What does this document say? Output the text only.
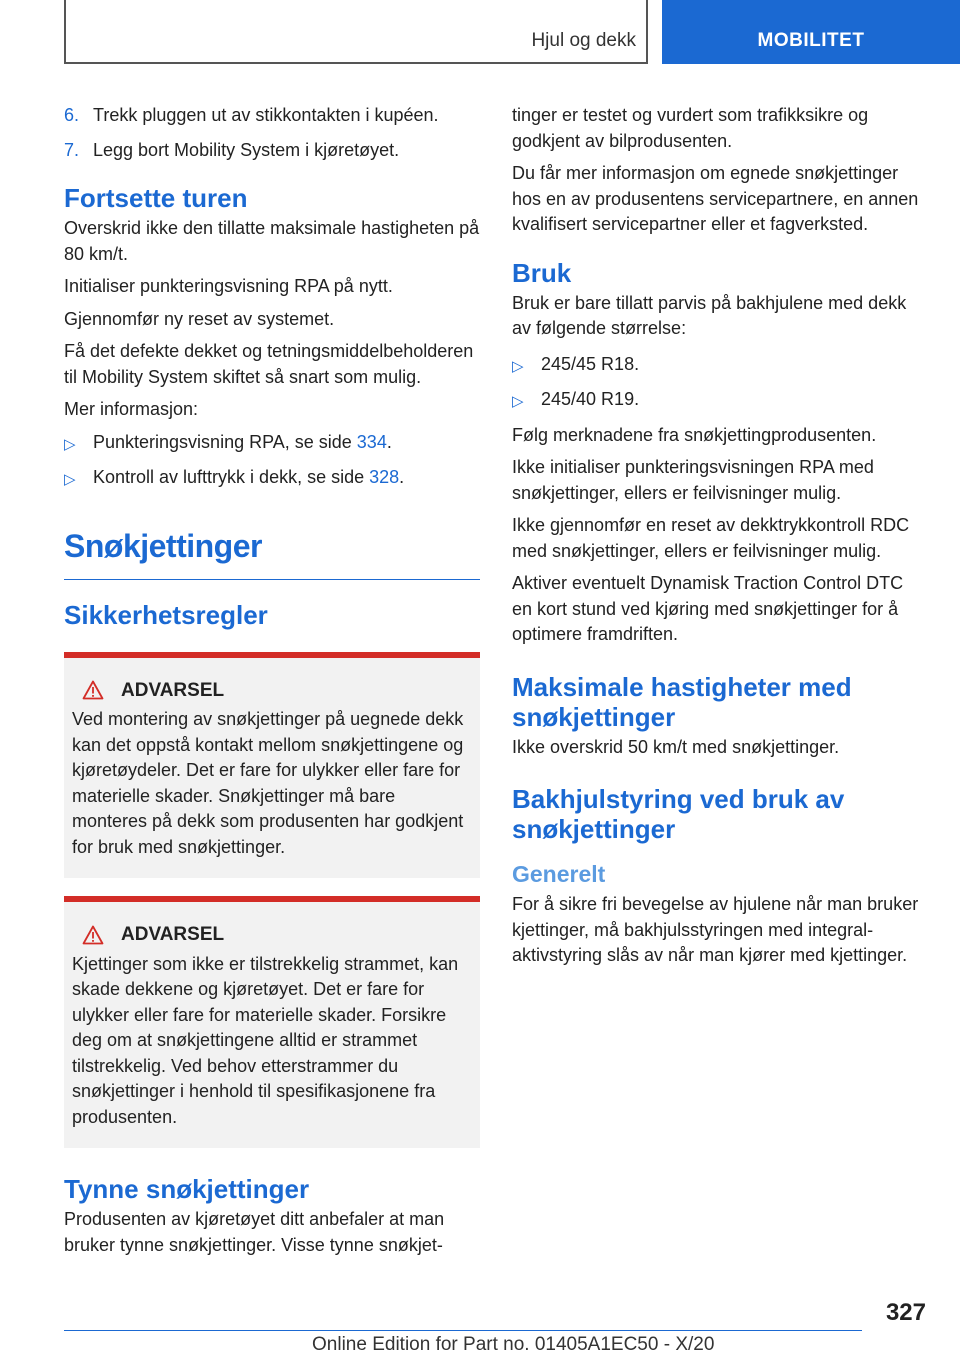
Hjul og dekk	MOBILITET
6. Trekk pluggen ut av stikkontakten i kupéen.
7. Legg bort Mobility System i kjøretøyet.
Fortsette turen

Overskrid ikke den tillatte maksimale hastigheten på 80 km/t.

Initialiser punkteringsvisning RPA på nytt.

Gjennomfør ny reset av systemet.

Få det defekte dekket og tetningsmiddelbeholderen til Mobility System skiftet så snart som mulig.

Mer informasjon:

▷ Punkteringsvisning RPA, se side 334.
▷ Kontroll av lufttrykk i dekk, se side 328.
Snøkjettinger
Sikkerhetsregler
ADVARSEL

Ved montering av snøkjettinger på uegnede dekk kan det oppstå kontakt mellom snøkjettingene og kjøretøydeler. Det er fare for ulykker eller fare for materielle skader. Snøkjettinger må bare monteres på dekk som produsenten har godkjent for bruk med snøkjettinger.

ADVARSEL

Kjettinger som ikke er tilstrekkelig strammet, kan skade dekkene og kjøretøyet. Det er fare for ulykker eller fare for materielle skader. Forsikre deg om at snøkjettingene alltid er strammet tilstrekkelig. Ved behov etterstrammer du snøkjettinger i henhold til spesifikasjonene fra produsenten.

Tynne snøkjettinger

Produsenten av kjøretøyet ditt anbefaler at man bruker tynne snøkjettinger. Visse tynne snøkjet-

tinger er testet og vurdert som trafikksikre og godkjent av bilprodusenten.

Du får mer informasjon om egnede snøkjettinger hos en av produsentens servicepartnere, en annen kvalifisert servicepartner eller et fagverksted.

Bruk

Bruk er bare tillatt parvis på bakhjulene med dekk av følgende størrelse:

▷ 245/45 R18.
▷ 245/40 R19.

Følg merknadene fra snøkjettingprodusenten.

Ikke initialiser punkteringsvisningen RPA med snøkjettinger, ellers er feilvisninger mulig.

Ikke gjennomfør en reset av dekktrykkontroll RDC med snøkjettinger, ellers er feilvisninger mulig.

Aktiver eventuelt Dynamisk Traction Control DTC en kort stund ved kjøring med snøkjettinger for å optimere framdriften.

Maksimale hastigheter med snøkjettinger

Ikke overskrid 50 km/t med snøkjettinger.

Bakhjulstyring ved bruk av snøkjettinger
Generelt

For å sikre fri bevegelse av hjulene når man bruker kjettinger, må bakhjulsstyringen med integral-aktivstyring slås av når man kjører med kjettinger.

327
Online Edition for Part no. 01405A1EC50 - X/20
